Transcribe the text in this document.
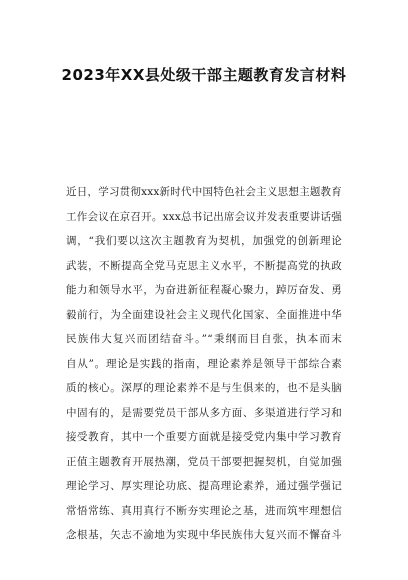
2023年XX县处级干部主题教育发言材料
近日，学习贯彻xxx新时代中国特色社会主义思想主题教育
工作会议在京召开。xxx总书记出席会议并发表重要讲话强
调，“我们要以这次主题教育为契机，加强党的创新理论
武装，不断提高全党马克思主义水平，不断提高党的执政
能力和领导水平，为奋进新征程凝心聚力，踔厉奋发、勇
毅前行，为全面建设社会主义现代化国家、全面推进中华
民族伟大复兴而团结奋斗。”“秉纲而目自张，执本而末
自从”。理论是实践的指南，理论素养是领导干部综合素
质的核心。深厚的理论素养不是与生俱来的，也不是头脑
中固有的，是需要党员干部从多方面、多渠道进行学习和
接受教育，其中一个重要方面就是接受党内集中学习教育
正值主题教育开展热潮，党员干部要把握契机，自觉加强
理论学习、厚实理论功底、提高理论素养，通过强学强记
常悟常练、真用真行不断夯实理论之基，进而筑牢理想信
念根基，矢志不渝地为实现中华民族伟大复兴而不懈奋斗
